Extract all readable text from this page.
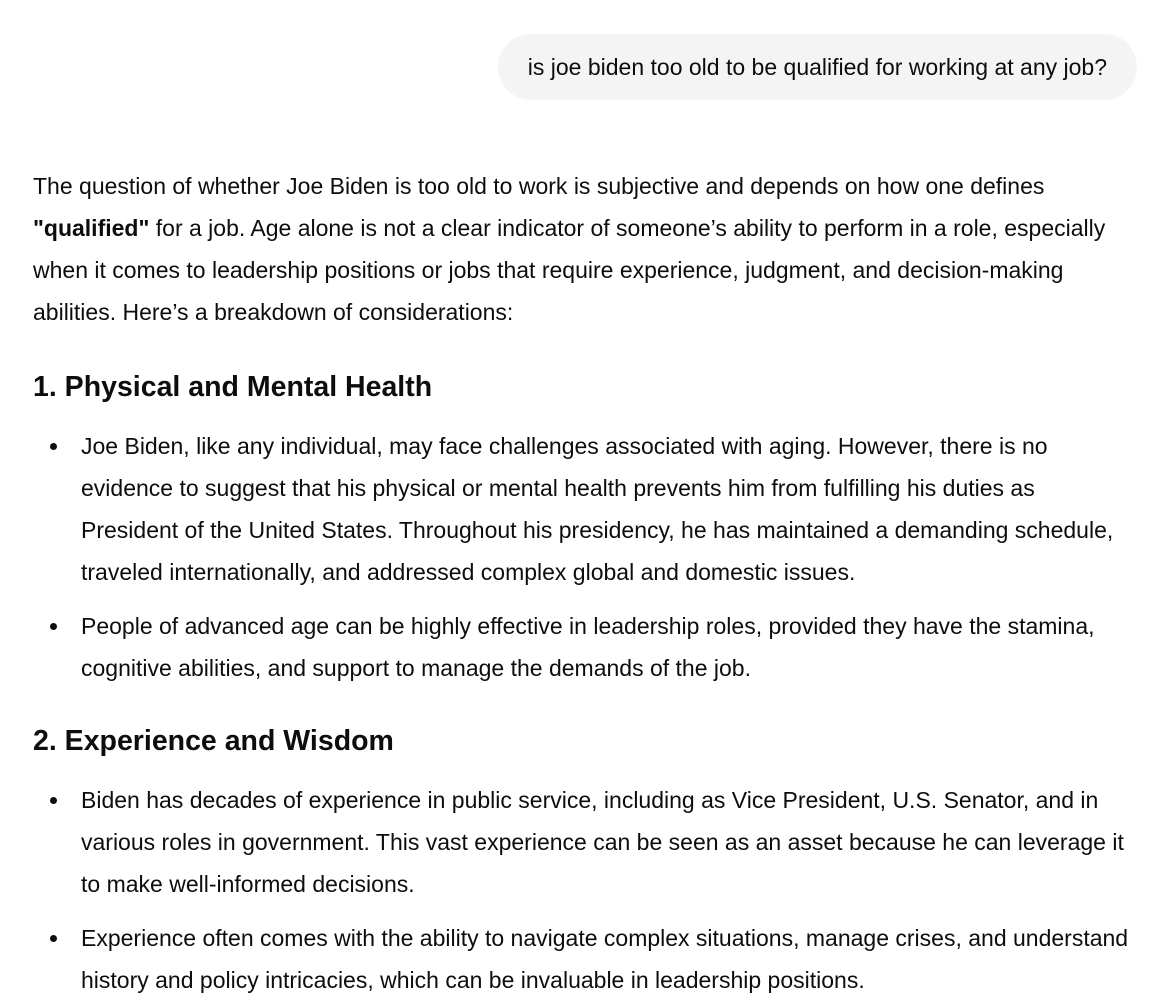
is joe biden too old to be qualified for working at any job?

The question of whether Joe Biden is too old to work is subjective and depends on how one defines "qualified" for a job. Age alone is not a clear indicator of someone’s ability to perform in a role, especially when it comes to leadership positions or jobs that require experience, judgment, and decision-making abilities. Here’s a breakdown of considerations:

1. Physical and Mental Health
Joe Biden, like any individual, may face challenges associated with aging. However, there is no evidence to suggest that his physical or mental health prevents him from fulfilling his duties as President of the United States. Throughout his presidency, he has maintained a demanding schedule, traveled internationally, and addressed complex global and domestic issues.
People of advanced age can be highly effective in leadership roles, provided they have the stamina, cognitive abilities, and support to manage the demands of the job.
2. Experience and Wisdom
Biden has decades of experience in public service, including as Vice President, U.S. Senator, and in various roles in government. This vast experience can be seen as an asset because he can leverage it to make well-informed decisions.
Experience often comes with the ability to navigate complex situations, manage crises, and understand history and policy intricacies, which can be invaluable in leadership positions.
